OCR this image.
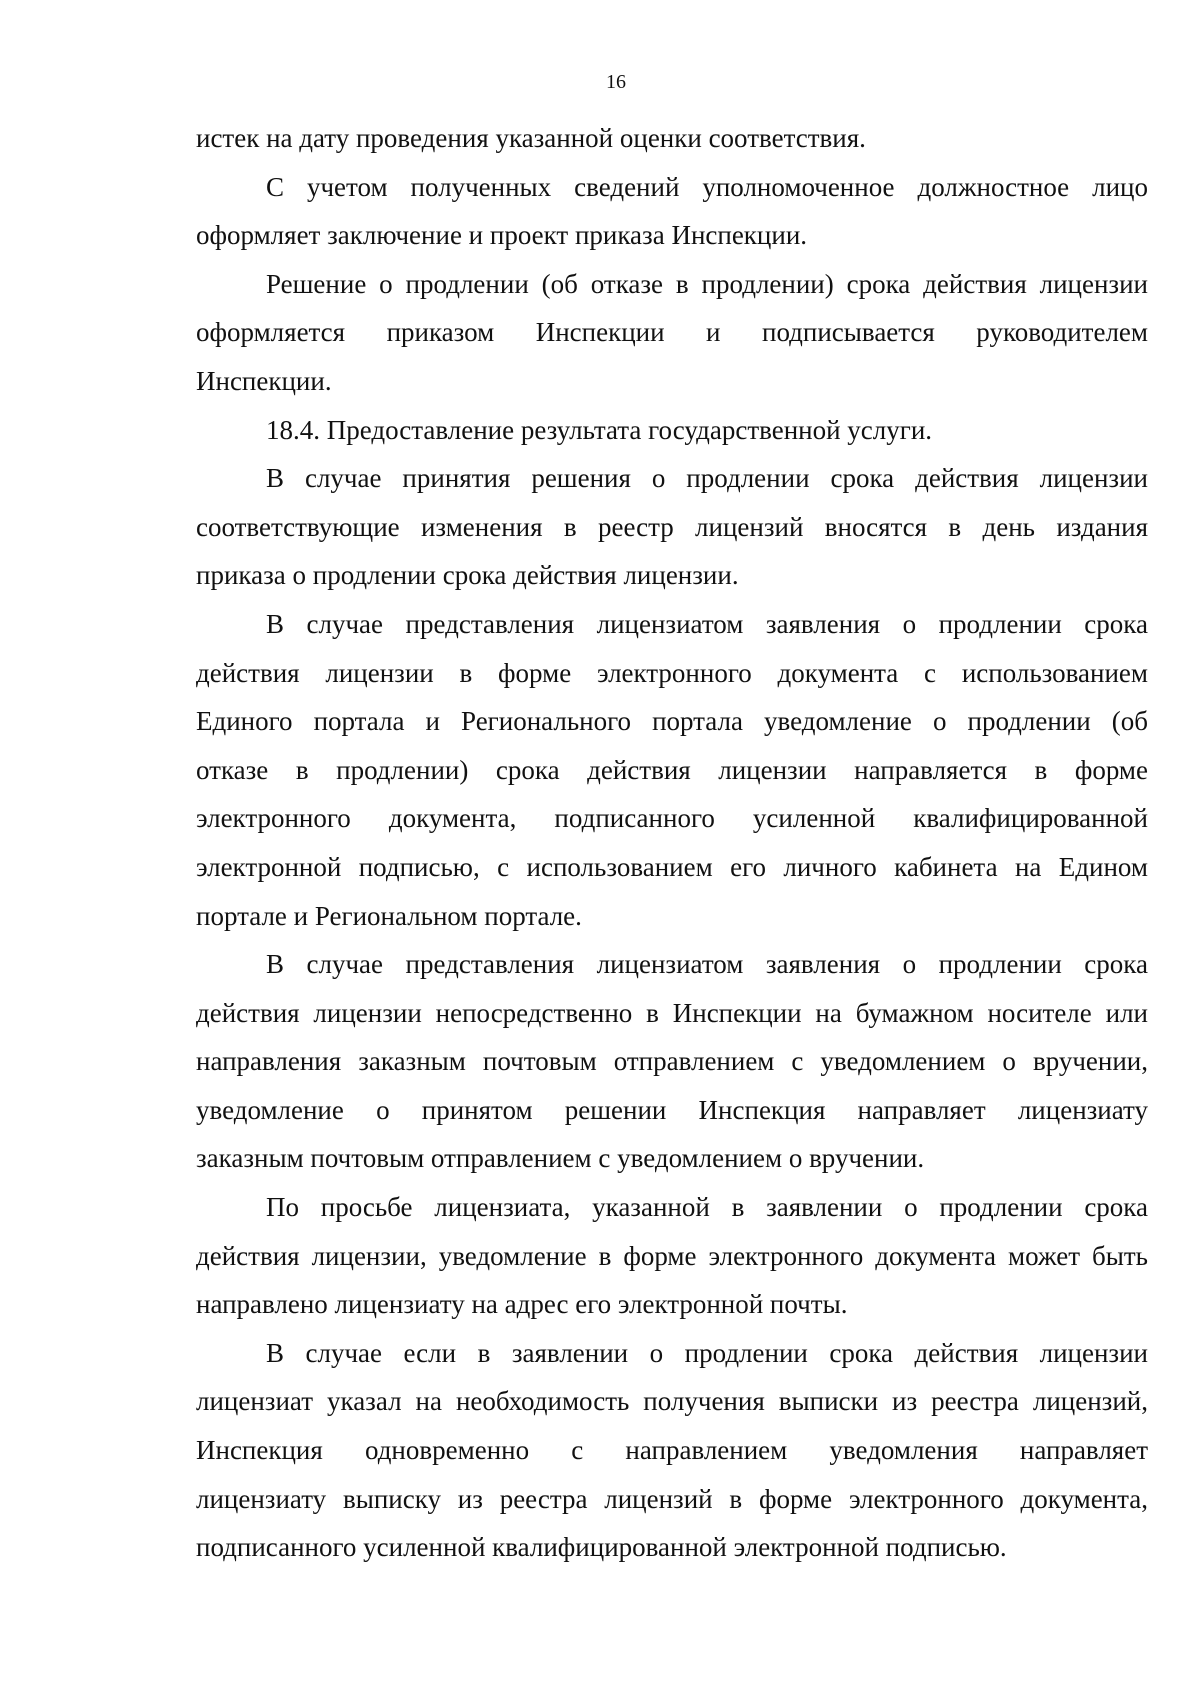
16
истек на дату проведения указанной оценки соответствия.
С учетом полученных сведений уполномоченное должностное лицо
оформляет заключение и проект приказа Инспекции.
Решение о продлении (об отказе в продлении) срока действия лицензии
оформляется приказом Инспекции и подписывается руководителем
Инспекции.
18.4. Предоставление результата государственной услуги.
В случае принятия решения о продлении срока действия лицензии
соответствующие изменения в реестр лицензий вносятся в день издания
приказа о продлении срока действия лицензии.
В случае представления лицензиатом заявления о продлении срока
действия лицензии в форме электронного документа с использованием
Единого портала и Регионального портала уведомление о продлении (об
отказе в продлении) срока действия лицензии направляется в форме
электронного документа, подписанного усиленной квалифицированной
электронной подписью, с использованием его личного кабинета на Едином
портале и Региональном портале.
В случае представления лицензиатом заявления о продлении срока
действия лицензии непосредственно в Инспекции на бумажном носителе или
направления заказным почтовым отправлением с уведомлением о вручении,
уведомление о принятом решении Инспекция направляет лицензиату
заказным почтовым отправлением с уведомлением о вручении.
По просьбе лицензиата, указанной в заявлении о продлении срока
действия лицензии, уведомление в форме электронного документа может быть
направлено лицензиату на адрес его электронной почты.
В случае если в заявлении о продлении срока действия лицензии
лицензиат указал на необходимость получения выписки из реестра лицензий,
Инспекция одновременно с направлением уведомления направляет
лицензиату выписку из реестра лицензий в форме электронного документа,
подписанного усиленной квалифицированной электронной подписью.
